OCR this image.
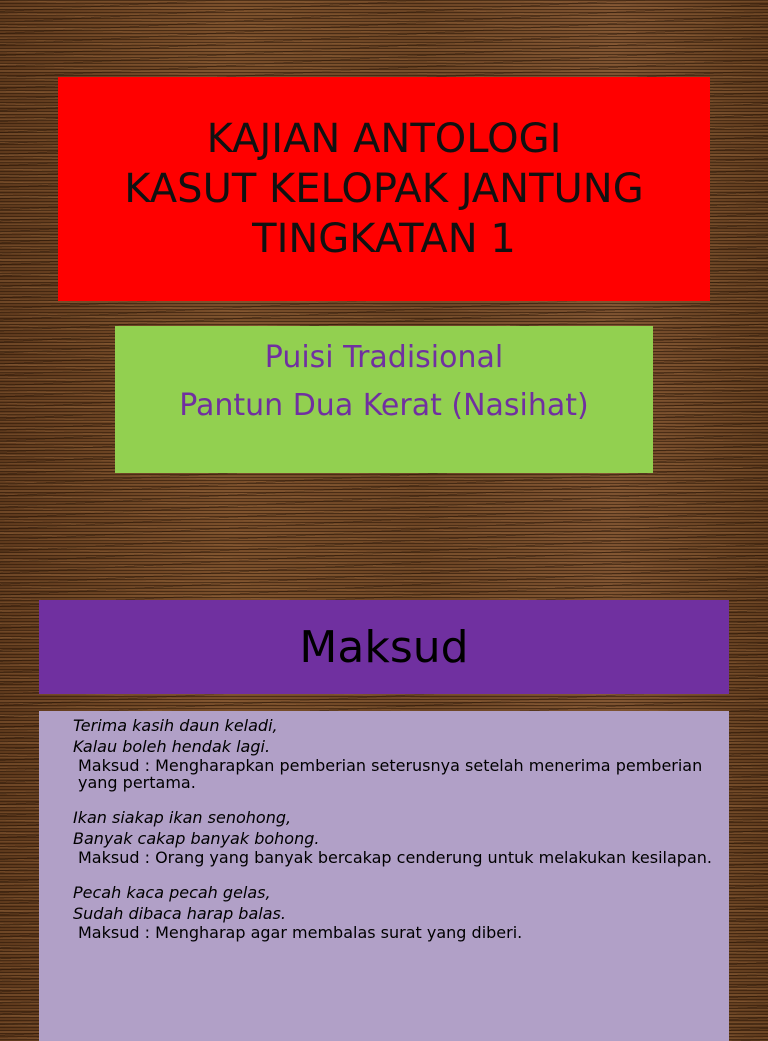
KAJIAN ANTOLOGI
KASUT KELOPAK JANTUNG
TINGKATAN 1
Puisi Tradisional
Pantun Dua Kerat (Nasihat)
Maksud
Terima kasih daun keladi,
Kalau boleh hendak lagi.
Maksud : Mengharapkan pemberian seterusnya setelah menerima pemberian yang pertama.
Ikan siakap ikan senohong,
Banyak cakap banyak bohong.
Maksud : Orang yang banyak bercakap cenderung untuk melakukan kesilapan.
Pecah kaca pecah gelas,
Sudah dibaca harap balas.
Maksud : Mengharap agar membalas surat yang diberi.
